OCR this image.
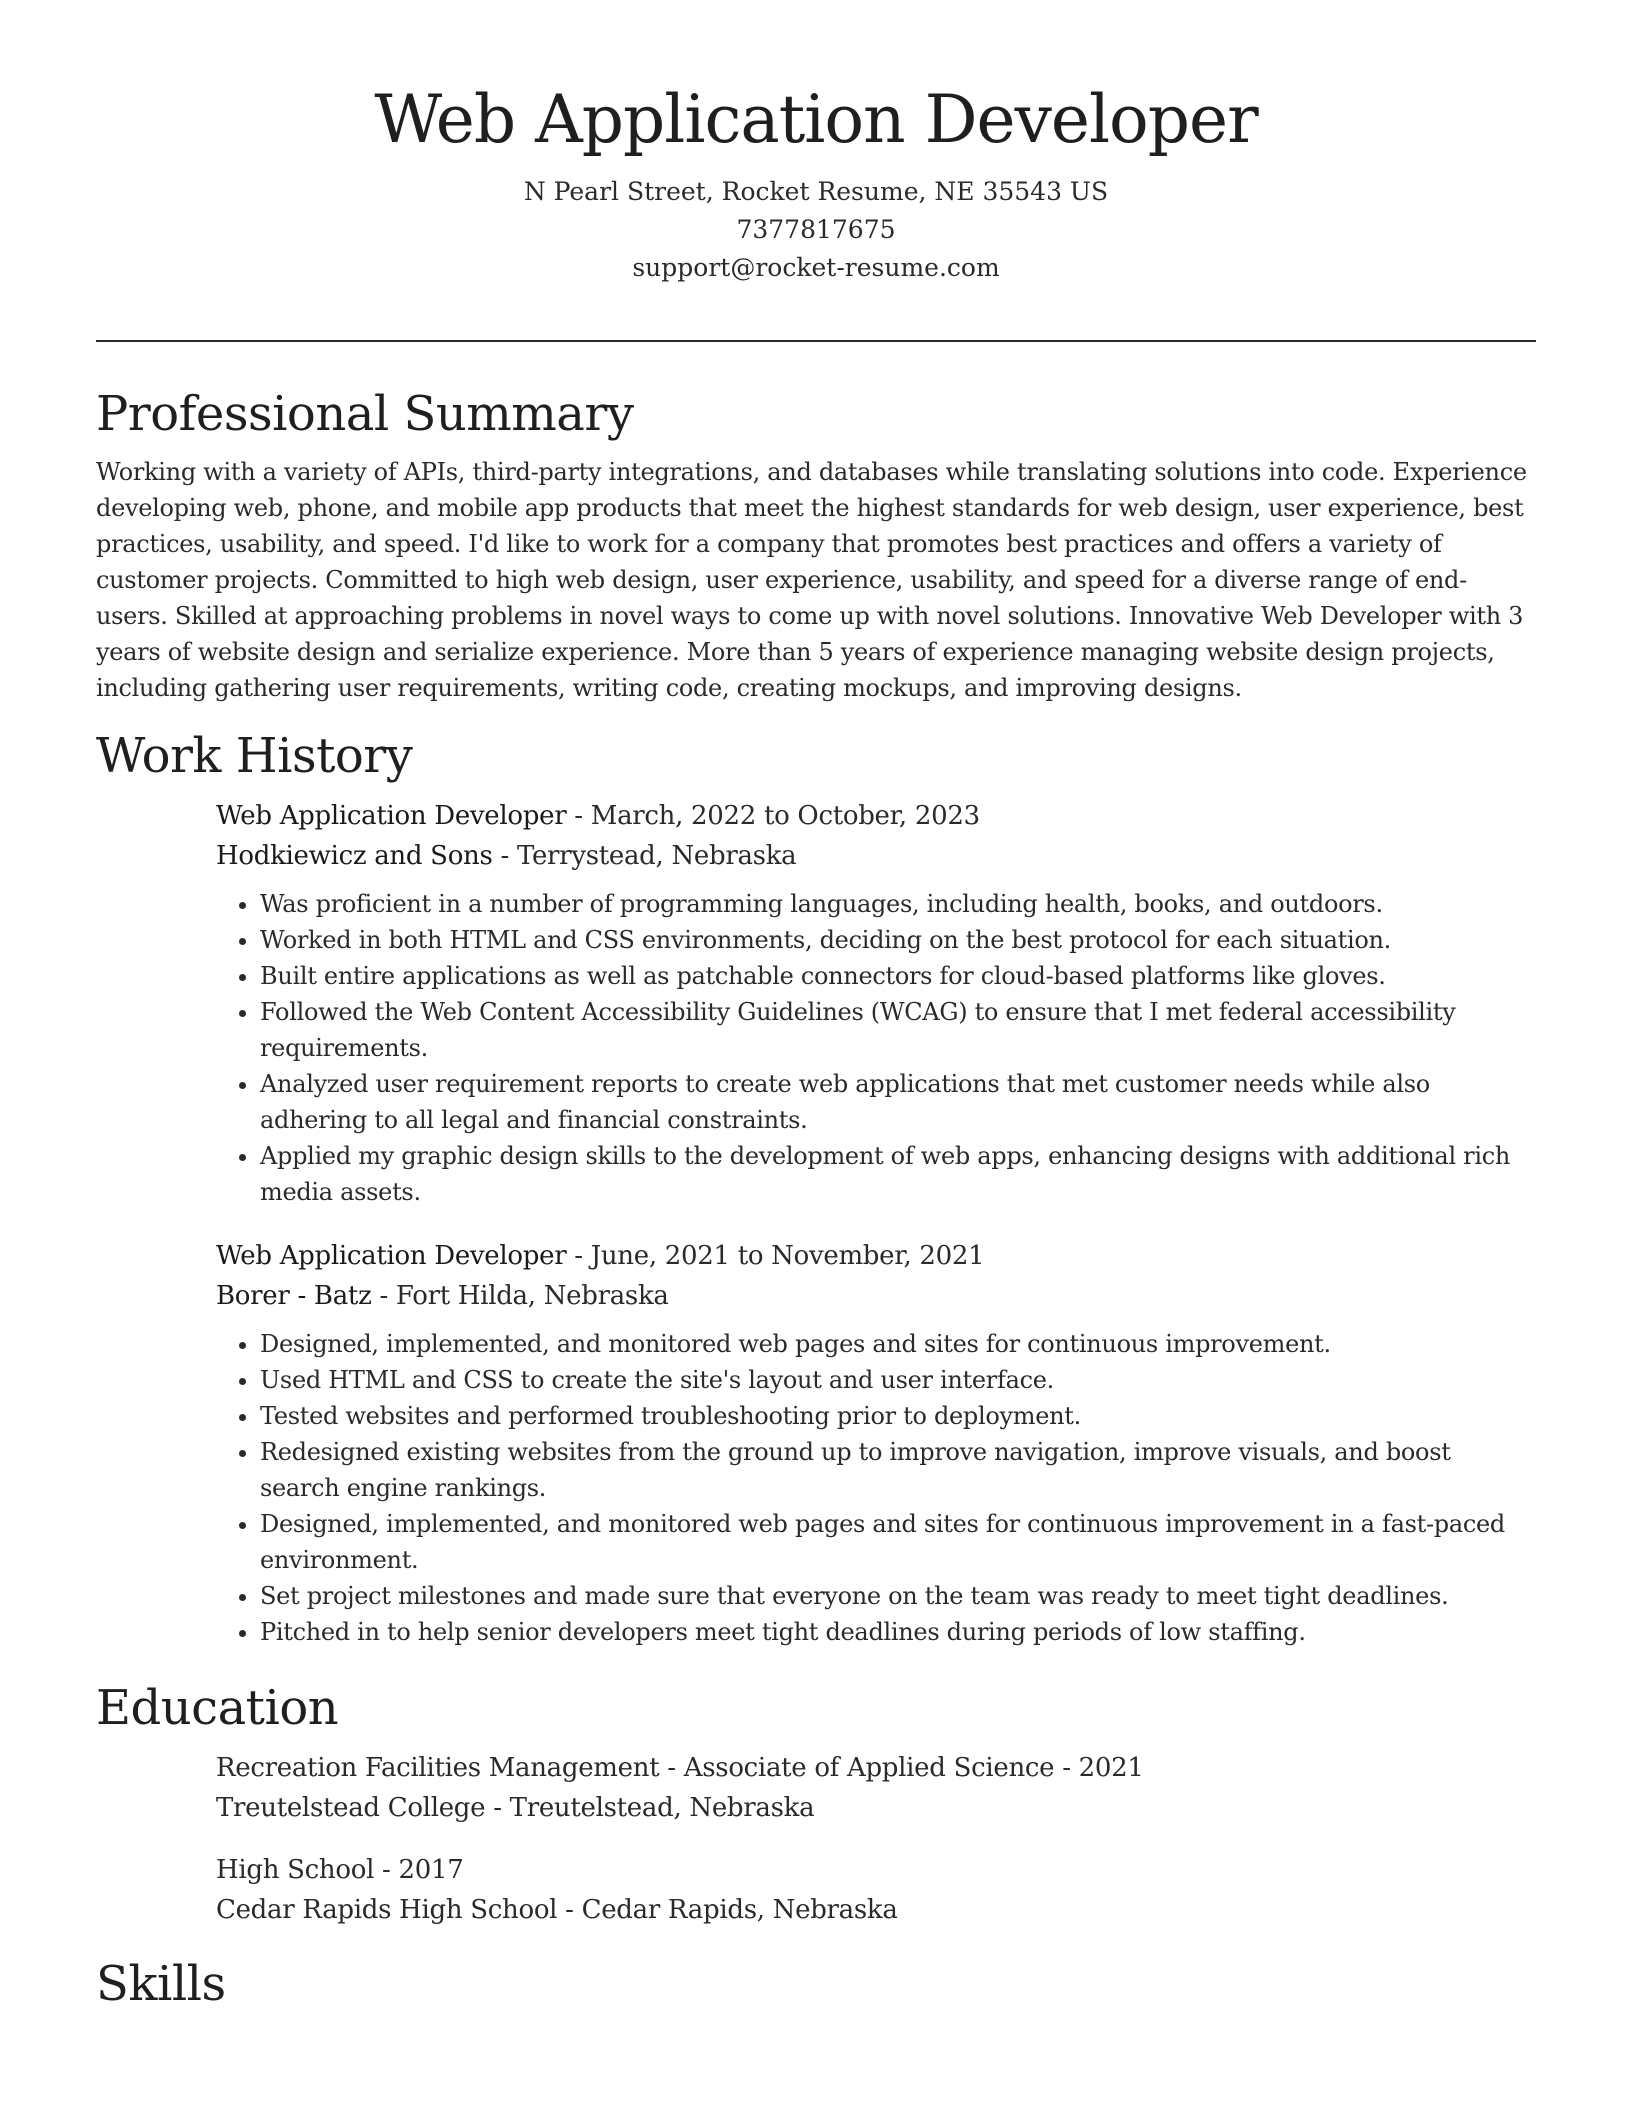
Web Application Developer
N Pearl Street, Rocket Resume, NE 35543 US
7377817675
support@rocket-resume.com
Professional Summary

Working with a variety of APIs, third-party integrations, and databases while translating solutions into code. Experience developing web, phone, and mobile app products that meet the highest standards for web design, user experience, best practices, usability, and speed. I'd like to work for a company that promotes best practices and offers a variety of customer projects. Committed to high web design, user experience, usability, and speed for a diverse range of end-users. Skilled at approaching problems in novel ways to come up with novel solutions. Innovative Web Developer with 3 years of website design and serialize experience. More than 5 years of experience managing website design projects, including gathering user requirements, writing code, creating mockups, and improving designs.

Work History
Web Application Developer - March, 2022 to October, 2023
Hodkiewicz and Sons - Terrystead, Nebraska
• Was proficient in a number of programming languages, including health, books, and outdoors.
• Worked in both HTML and CSS environments, deciding on the best protocol for each situation.
• Built entire applications as well as patchable connectors for cloud-based platforms like gloves.
• Followed the Web Content Accessibility Guidelines (WCAG) to ensure that I met federal accessibility requirements.
• Analyzed user requirement reports to create web applications that met customer needs while also adhering to all legal and financial constraints.
• Applied my graphic design skills to the development of web apps, enhancing designs with additional rich media assets.
Web Application Developer - June, 2021 to November, 2021
Borer - Batz - Fort Hilda, Nebraska
• Designed, implemented, and monitored web pages and sites for continuous improvement.
• Used HTML and CSS to create the site's layout and user interface.
• Tested websites and performed troubleshooting prior to deployment.
• Redesigned existing websites from the ground up to improve navigation, improve visuals, and boost search engine rankings.
• Designed, implemented, and monitored web pages and sites for continuous improvement in a fast-paced environment.
• Set project milestones and made sure that everyone on the team was ready to meet tight deadlines.
• Pitched in to help senior developers meet tight deadlines during periods of low staffing.
Education
Recreation Facilities Management - Associate of Applied Science - 2021
Treutelstead College - Treutelstead, Nebraska
High School - 2017
Cedar Rapids High School - Cedar Rapids, Nebraska
Skills
